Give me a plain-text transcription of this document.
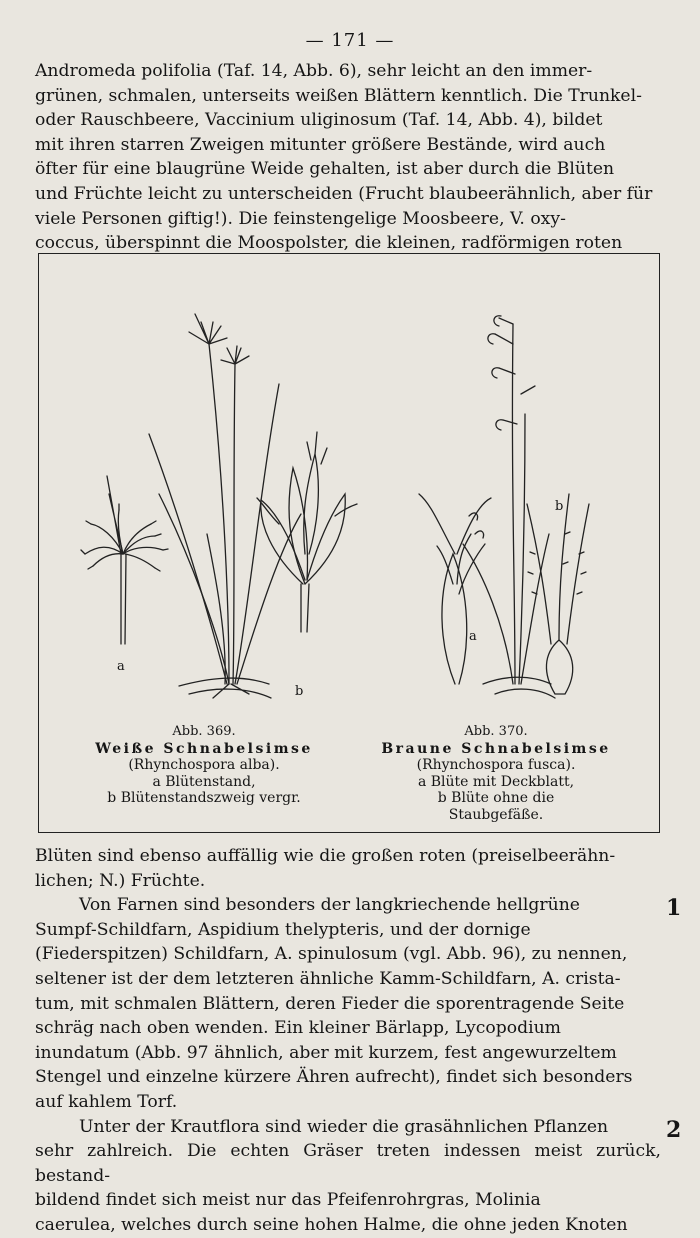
— 171 —

Andromeda polifolia (Taf. 14, Abb. 6), sehr leicht an den immer-

grünen, schmalen, unterseits weißen Blättern kenntlich. Die Trunkel-

oder Rauschbeere, Vaccinium uliginosum (Taf. 14, Abb. 4), bildet

mit ihren starren Zweigen mitunter größere Bestände, wird auch

öfter für eine blaugrüne Weide gehalten, ist aber durch die Blüten

und Früchte leicht zu unterscheiden (Frucht blaubeerähnlich, aber für

viele Personen giftig!). Die feinstengelige Moosbeere, V. oxy-

coccus, überspinnt die Moospolster, die kleinen, radförmigen roten

a
b
a
b
Abb. 369.
Weiße Schnabelsimse
(Rhynchospora alba).
a Blütenstand,
b Blütenstandszweig vergr.
Abb. 370.
Braune Schnabelsimse
(Rhynchospora fusca).
a Blüte mit Deckblatt,
b Blüte ohne die
Staubgefäße.

Blüten sind ebenso auffällig wie die großen roten (preiselbeerähn-

lichen; N.) Früchte.

Von Farnen sind besonders der langkriechende hellgrüne

Sumpf-Schildfarn, Aspidium thelypteris, und der dornige

(Fiederspitzen) Schildfarn, A. spinulosum (vgl. Abb. 96), zu nennen,

seltener ist der dem letzteren ähnliche Kamm-Schildfarn, A. crista-

tum, mit schmalen Blättern, deren Fieder die sporentragende Seite

schräg nach oben wenden. Ein kleiner Bärlapp, Lycopodium

inundatum (Abb. 97 ähnlich, aber mit kurzem, fest angewurzeltem

Stengel und einzelne kürzere Ähren aufrecht), findet sich besonders

auf kahlem Torf.

Unter der Krautflora sind wieder die grasähnlichen Pflanzen

sehr zahlreich. Die echten Gräser treten indessen meist zurück, bestand-

bildend findet sich meist nur das Pfeifenrohrgras, Molinia

caerulea, welches durch seine hohen Halme, die ohne jeden Knoten

1
2
